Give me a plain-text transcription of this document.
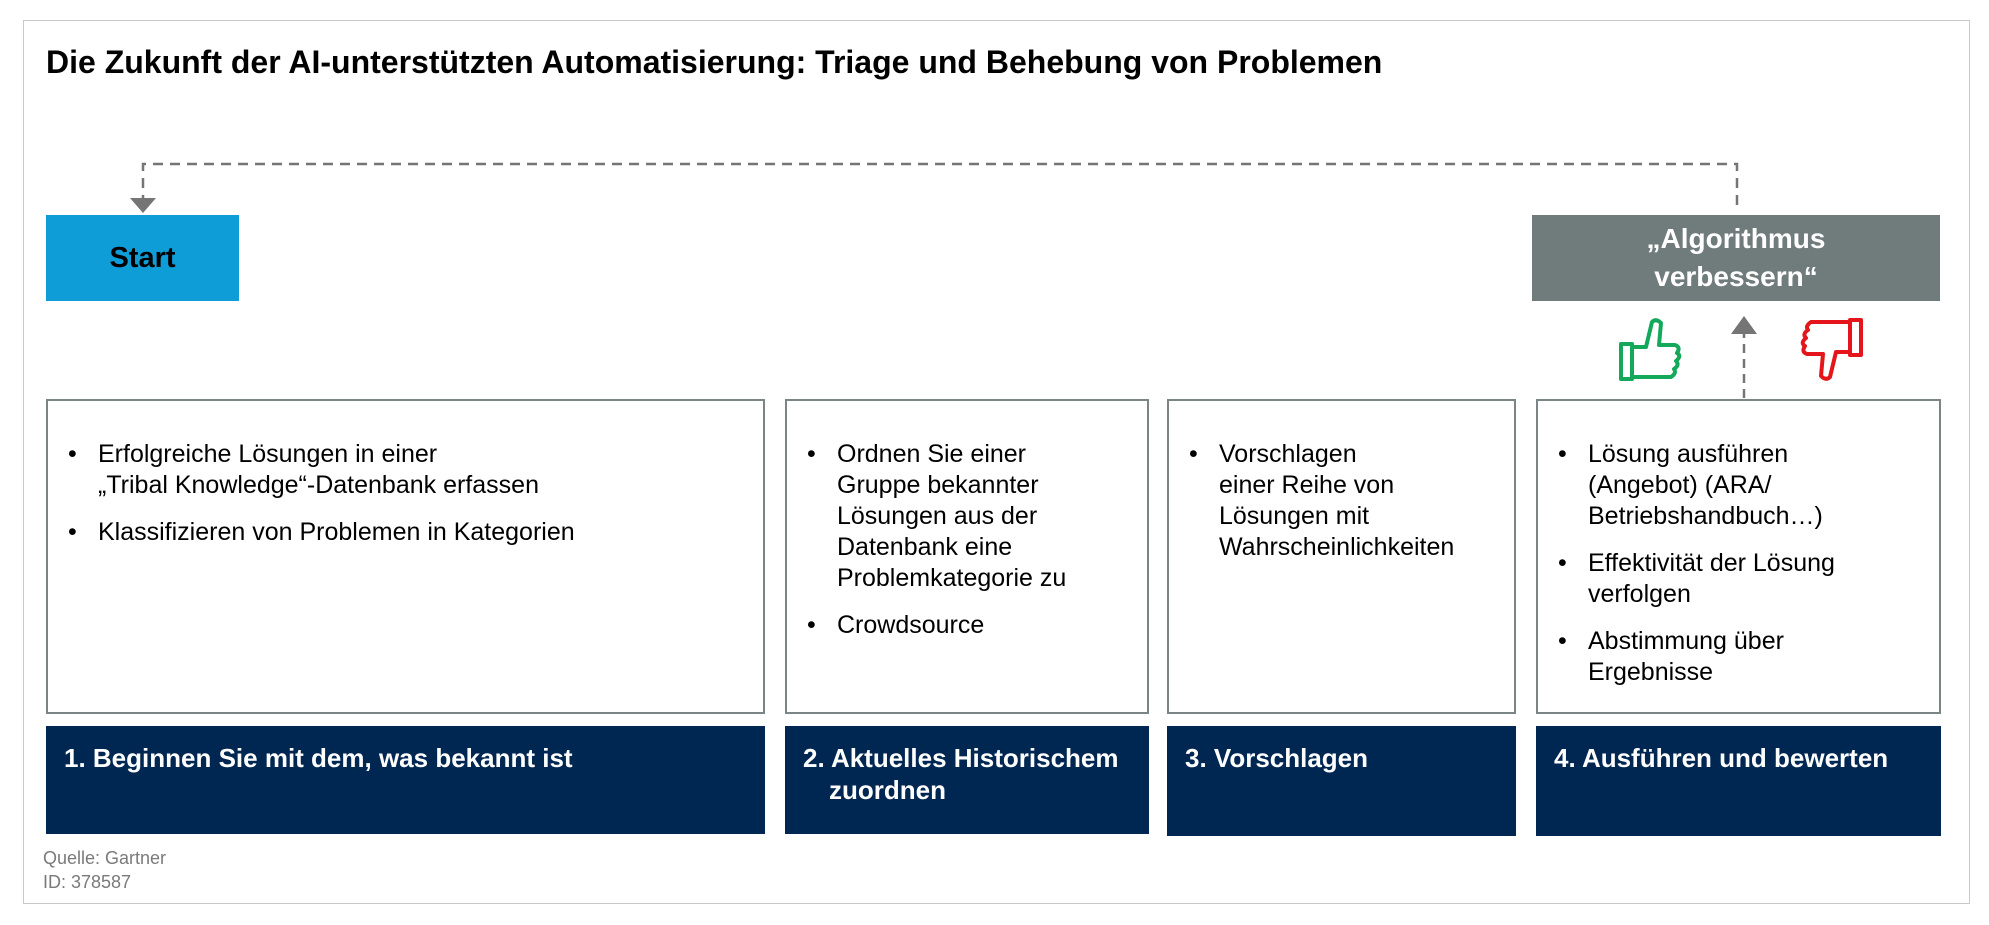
Die Zukunft der AI-unterstützten Automatisierung: Triage und Behebung von Problemen
Start
„Algorithmus
verbessern“
• Erfolgreiche Lösungen in einer
„Tribal Knowledge“-Datenbank erfassen
• Klassifizieren von Problemen in Kategorien
• Ordnen Sie einer
Gruppe bekannter
Lösungen aus der
Datenbank eine
Problemkategorie zu
• Crowdsource
• Vorschlagen
einer Reihe von
Lösungen mit
Wahrscheinlichkeiten
• Lösung ausführen
(Angebot) (ARA/
Betriebshandbuch…)
• Effektivität der Lösung
verfolgen
• Abstimmung über
Ergebnisse
1. Beginnen Sie mit dem, was bekannt ist	2. Aktuelles Historischem
zuordnen
3. Vorschlagen	4. Ausführen und bewerten
Quelle: Gartner
ID: 378587
